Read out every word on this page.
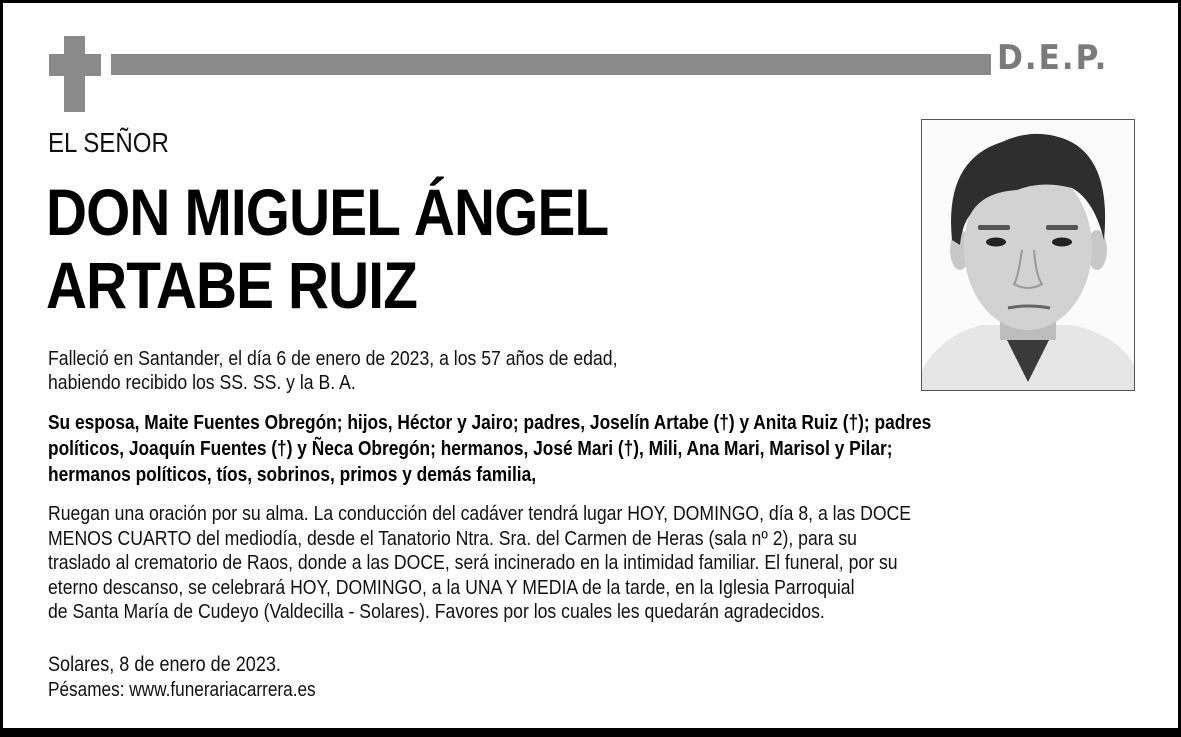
D.E.P.
EL SEÑOR
DON MIGUEL ÁNGEL
ARTABE RUIZ
Falleció en Santander, el día 6 de enero de 2023, a los 57 años de edad,
habiendo recibido los SS. SS. y la B. A.
Su esposa, Maite Fuentes Obregón; hijos, Héctor y Jairo; padres, Joselín Artabe (†) y Anita Ruiz (†); padres
políticos, Joaquín Fuentes (†) y Ñeca Obregón; hermanos, José Mari (†), Mili, Ana Mari, Marisol y Pilar;
hermanos políticos, tíos, sobrinos, primos y demás familia,
Ruegan una oración por su alma. La conducción del cadáver tendrá lugar HOY, DOMINGO, día 8, a las DOCE
MENOS CUARTO del mediodía, desde el Tanatorio Ntra. Sra. del Carmen de Heras (sala nº 2), para su
traslado al crematorio de Raos, donde a las DOCE, será incinerado en la intimidad familiar. El funeral, por su
eterno descanso, se celebrará HOY, DOMINGO, a la UNA Y MEDIA de la tarde, en la Iglesia Parroquial
de Santa María de Cudeyo (Valdecilla - Solares). Favores por los cuales les quedarán agradecidos.
Solares, 8 de enero de 2023.
Pésames: www.funerariacarrera.es
